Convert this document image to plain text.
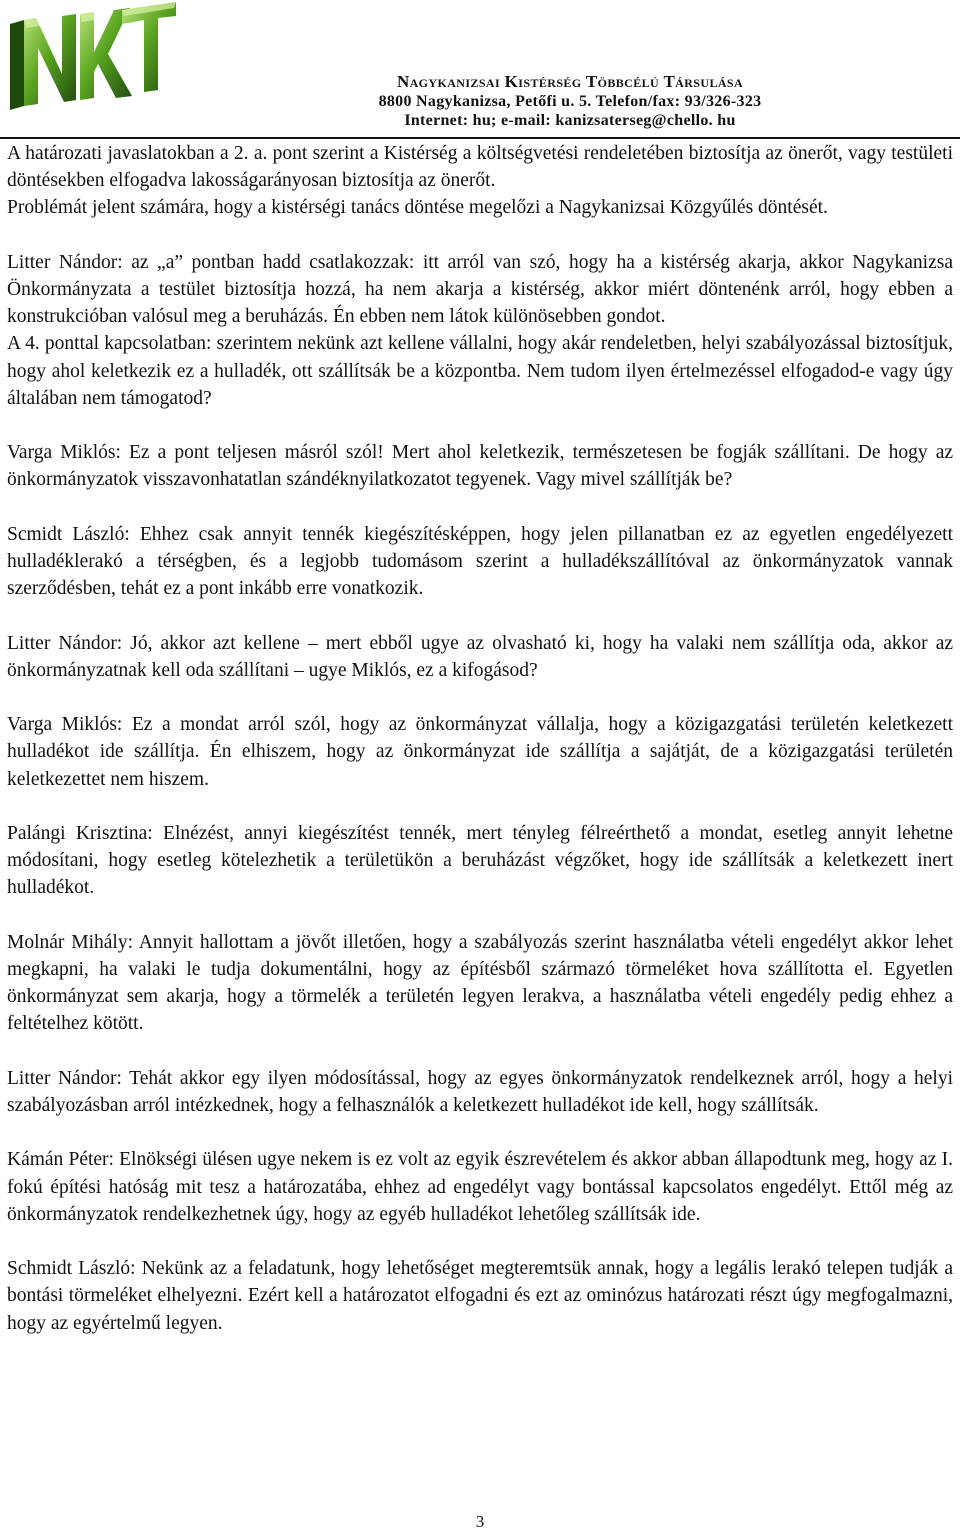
Nagykanizsai Kistérség Többcélú Társulása
8800 Nagykanizsa, Petőfi u. 5. Telefon/fax: 93/326-323
Internet: hu; e-mail: kanizsaterseg@chello. hu

A határozati javaslatokban a 2. a. pont szerint a Kistérség a költségvetési rendeletében biztosítja az önerőt, vagy testületi döntésekben elfogadva lakosságarányosan biztosítja az önerőt.

Problémát jelent számára, hogy a kistérségi tanács döntése megelőzi a Nagykanizsai Közgyűlés döntését.

Litter Nándor: az „a” pontban hadd csatlakozzak: itt arról van szó, hogy ha a kistérség akarja, akkor Nagykanizsa Önkormányzata a testület biztosítja hozzá, ha nem akarja a kistérség, akkor miért döntenénk arról, hogy ebben a konstrukcióban valósul meg a beruházás. Én ebben nem látok különösebben gondot.

A 4. ponttal kapcsolatban: szerintem nekünk azt kellene vállalni, hogy akár rendeletben, helyi szabályozással biztosítjuk, hogy ahol keletkezik ez a hulladék, ott szállítsák be a központba. Nem tudom ilyen értelmezéssel elfogadod-e vagy úgy általában nem támogatod?

Varga Miklós: Ez a pont teljesen másról szól! Mert ahol keletkezik, természetesen be fogják szállítani. De hogy az önkormányzatok visszavonhatatlan szándéknyilatkozatot tegyenek. Vagy mivel szállítják be?

Scmidt László: Ehhez csak annyit tennék kiegészítésképpen, hogy jelen pillanatban ez az egyetlen engedélyezett hulladéklerakó a térségben, és a legjobb tudomásom szerint a hulladékszállítóval az önkormányzatok vannak szerződésben, tehát ez a pont inkább erre vonatkozik.

Litter Nándor: Jó, akkor azt kellene – mert ebből ugye az olvasható ki, hogy ha valaki nem szállítja oda, akkor az önkormányzatnak kell oda szállítani – ugye Miklós, ez a kifogásod?

Varga Miklós: Ez a mondat arról szól, hogy az önkormányzat vállalja, hogy a közigazgatási területén keletkezett hulladékot ide szállítja. Én elhiszem, hogy az önkormányzat ide szállítja a sajátját, de a közigazgatási területén keletkezettet nem hiszem.

Palángi Krisztina: Elnézést, annyi kiegészítést tennék, mert tényleg félreérthető a mondat, esetleg annyit lehetne módosítani, hogy esetleg kötelezhetik a területükön a beruházást végzőket, hogy ide szállítsák a keletkezett inert hulladékot.

Molnár Mihály: Annyit hallottam a jövőt illetően, hogy a szabályozás szerint használatba vételi engedélyt akkor lehet megkapni, ha valaki le tudja dokumentálni, hogy az építésből származó törmeléket hova szállította el. Egyetlen önkormányzat sem akarja, hogy a törmelék a területén legyen lerakva, a használatba vételi engedély pedig ehhez a feltételhez kötött.

Litter Nándor: Tehát akkor egy ilyen módosítással, hogy az egyes önkormányzatok rendelkeznek arról, hogy a helyi szabályozásban arról intézkednek, hogy a felhasználók a keletkezett hulladékot ide kell, hogy szállítsák.

Kámán Péter: Elnökségi ülésen ugye nekem is ez volt az egyik észrevételem és akkor abban állapodtunk meg, hogy az I. fokú építési hatóság mit tesz a határozatába, ehhez ad engedélyt vagy bontással kapcsolatos engedélyt. Ettől még az önkormányzatok rendelkezhetnek úgy, hogy az egyéb hulladékot lehetőleg szállítsák ide.

Schmidt László: Nekünk az a feladatunk, hogy lehetőséget megteremtsük annak, hogy a legális lerakó telepen tudják a bontási törmeléket elhelyezni. Ezért kell a határozatot elfogadni és ezt az ominózus határozati részt úgy megfogalmazni, hogy az egyértelmű legyen.

3
